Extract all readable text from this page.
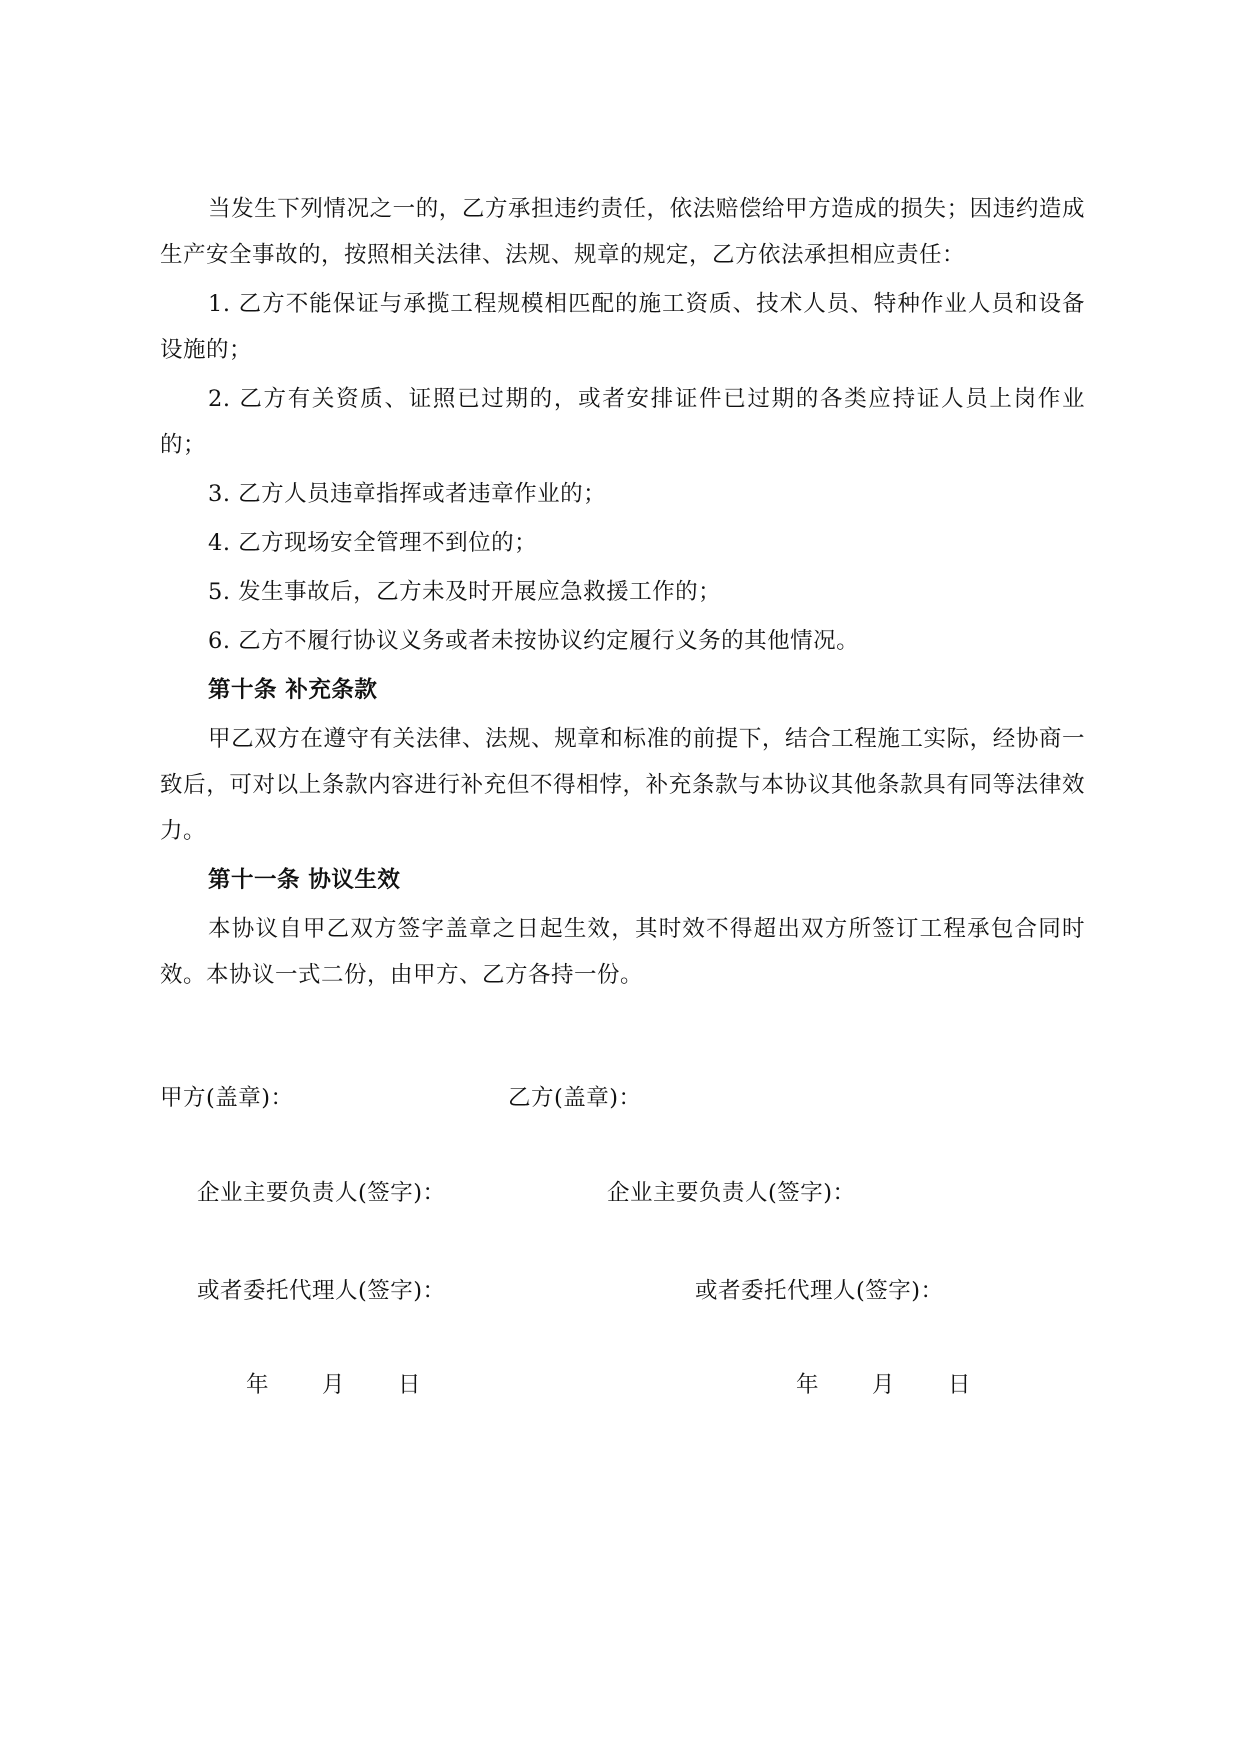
当发生下列情况之一的，乙方承担违约责任，依法赔偿给甲方造成的损失；因违约造成生产安全事故的，按照相关法律、法规、规章的规定，乙方依法承担相应责任：

1. 乙方不能保证与承揽工程规模相匹配的施工资质、技术人员、特种作业人员和设备设施的；

2. 乙方有关资质、证照已过期的，或者安排证件已过期的各类应持证人员上岗作业的；

3. 乙方人员违章指挥或者违章作业的；

4. 乙方现场安全管理不到位的；

5. 发生事故后，乙方未及时开展应急救援工作的；

6. 乙方不履行协议义务或者未按协议约定履行义务的其他情况。

第十条 补充条款

甲乙双方在遵守有关法律、法规、规章和标准的前提下，结合工程施工实际，经协商一致后，可对以上条款内容进行补充但不得相悖，补充条款与本协议其他条款具有同等法律效力。

第十一条 协议生效

本协议自甲乙双方签字盖章之日起生效，其时效不得超出双方所签订工程承包合同时效。本协议一式二份，由甲方、乙方各持一份。

甲方(盖章)：	乙方(盖章)：
企业主要负责人(签字)：	企业主要负责人(签字)：
或者委托代理人(签字)：	或者委托代理人(签字)：
年 月 日	年 月 日
